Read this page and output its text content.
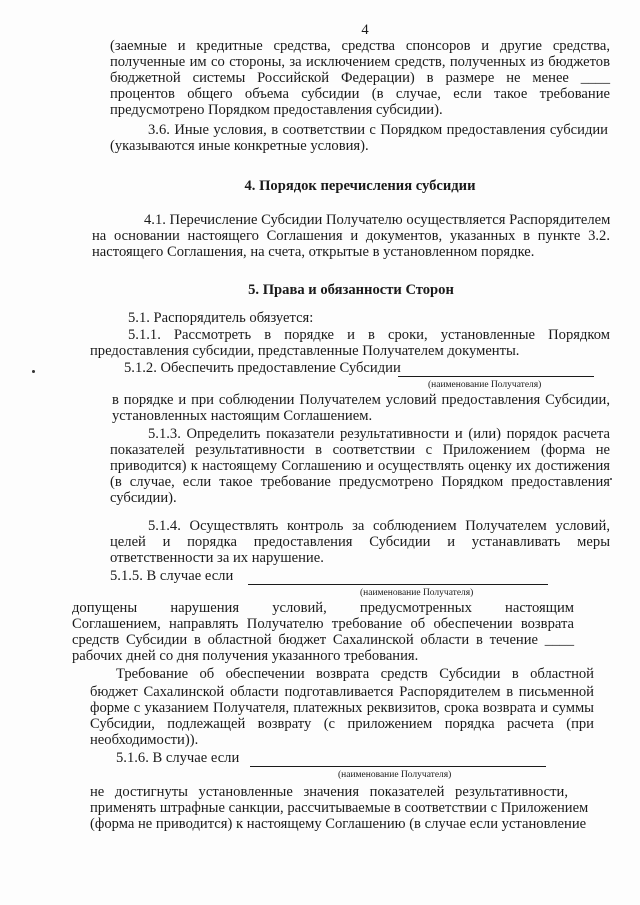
4
(заемные и кредитные средства, средства спонсоров и другие средства,
полученные им со стороны, за исключением средств, полученных из бюджетов
бюджетной системы Российской Федерации) в размере не менее ____
процентов общего объема субсидии (в случае, если такое требование
предусмотрено Порядком предоставления субсидии).
3.6. Иные условия, в соответствии с Порядком предоставления субсидии
(указываются иные конкретные условия).
4. Порядок перечисления субсидии
4.1. Перечисление Субсидии Получателю осуществляется Распорядителем
на основании настоящего Соглашения и документов, указанных в пункте 3.2.
настоящего Соглашения, на счета, открытые в установленном порядке.
5. Права и обязанности Сторон
5.1. Распорядитель обязуется:
5.1.1. Рассмотреть в порядке и в сроки, установленные Порядком
предоставления субсидии, представленные Получателем документы.
5.1.2. Обеспечить предоставление Субсидии
(наименование Получателя)
в порядке и при соблюдении Получателем условий предоставления Субсидии,
установленных настоящим Соглашением.
5.1.3. Определить показатели результативности и (или) порядок расчета
показателей результативности в соответствии с Приложением (форма не
приводится) к настоящему Соглашению и осуществлять оценку их достижения
(в случае, если такое требование предусмотрено Порядком предоставления
субсидии).
5.1.4. Осуществлять контроль за соблюдением Получателем условий,
целей и порядка предоставления Субсидии и устанавливать меры
ответственности за их нарушение.
5.1.5. В случае если
(наименование Получателя)
допущены нарушения условий, предусмотренных настоящим
Соглашением, направлять Получателю требование об обеспечении возврата
средств Субсидии в областной бюджет Сахалинской области в течение ____
рабочих дней со дня получения указанного требования.
Требование об обеспечении возврата средств Субсидии в областной
бюджет Сахалинской области подготавливается Распорядителем в письменной
форме с указанием Получателя, платежных реквизитов, срока возврата и суммы
Субсидии, подлежащей возврату (с приложением порядка расчета (при
необходимости)).
5.1.6. В случае если
(наименование Получателя)
не достигнуты установленные значения показателей результативности,
применять штрафные санкции, рассчитываемые в соответствии с Приложением
(форма не приводится) к настоящему Соглашению (в случае если установление
